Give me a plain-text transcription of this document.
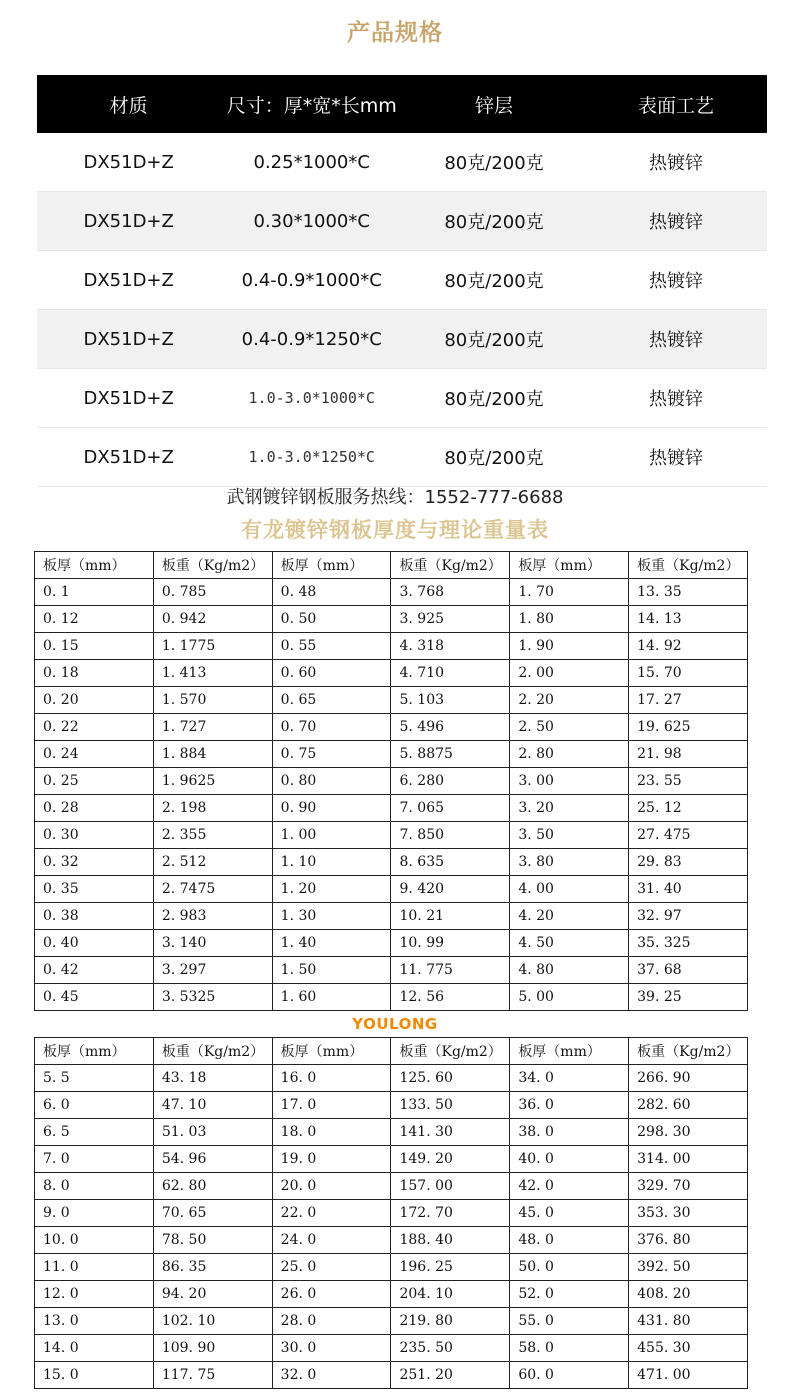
产品规格
材质	尺寸：厚*宽*长mm	锌层	表面工艺
DX51D+Z	0.25*1000*C	80克/200克	热镀锌
DX51D+Z	0.30*1000*C	80克/200克	热镀锌
DX51D+Z	0.4-0.9*1000*C	80克/200克	热镀锌
DX51D+Z	0.4-0.9*1250*C	80克/200克	热镀锌
DX51D+Z	1.0-3.0*1000*C	80克/200克	热镀锌
DX51D+Z	1.0-3.0*1250*C	80克/200克	热镀锌
武钢镀锌钢板服务热线：1552-777-6688
有龙镀锌钢板厚度与理论重量表
板厚（mm）	板重（Kg/m2）	板厚（mm）	板重（Kg/m2）	板厚（mm）	板重（Kg/m2）
0. 1	0. 785	0. 48	3. 768	1. 70	13. 35
0. 12	0. 942	0. 50	3. 925	1. 80	14. 13
0. 15	1. 1775	0. 55	4. 318	1. 90	14. 92
0. 18	1. 413	0. 60	4. 710	2. 00	15. 70
0. 20	1. 570	0. 65	5. 103	2. 20	17. 27
0. 22	1. 727	0. 70	5. 496	2. 50	19. 625
0. 24	1. 884	0. 75	5. 8875	2. 80	21. 98
0. 25	1. 9625	0. 80	6. 280	3. 00	23. 55
0. 28	2. 198	0. 90	7. 065	3. 20	25. 12
0. 30	2. 355	1. 00	7. 850	3. 50	27. 475
0. 32	2. 512	1. 10	8. 635	3. 80	29. 83
0. 35	2. 7475	1. 20	9. 420	4. 00	31. 40
0. 38	2. 983	1. 30	10. 21	4. 20	32. 97
0. 40	3. 140	1. 40	10. 99	4. 50	35. 325
0. 42	3. 297	1. 50	11. 775	4. 80	37. 68
0. 45	3. 5325	1. 60	12. 56	5. 00	39. 25
YOULONG
板厚（mm）	板重（Kg/m2）	板厚（mm）	板重（Kg/m2）	板厚（mm）	板重（Kg/m2）
5. 5	43. 18	16. 0	125. 60	34. 0	266. 90
6. 0	47. 10	17. 0	133. 50	36. 0	282. 60
6. 5	51. 03	18. 0	141. 30	38. 0	298. 30
7. 0	54. 96	19. 0	149. 20	40. 0	314. 00
8. 0	62. 80	20. 0	157. 00	42. 0	329. 70
9. 0	70. 65	22. 0	172. 70	45. 0	353. 30
10. 0	78. 50	24. 0	188. 40	48. 0	376. 80
11. 0	86. 35	25. 0	196. 25	50. 0	392. 50
12. 0	94. 20	26. 0	204. 10	52. 0	408. 20
13. 0	102. 10	28. 0	219. 80	55. 0	431. 80
14. 0	109. 90	30. 0	235. 50	58. 0	455. 30
15. 0	117. 75	32. 0	251. 20	60. 0	471. 00
